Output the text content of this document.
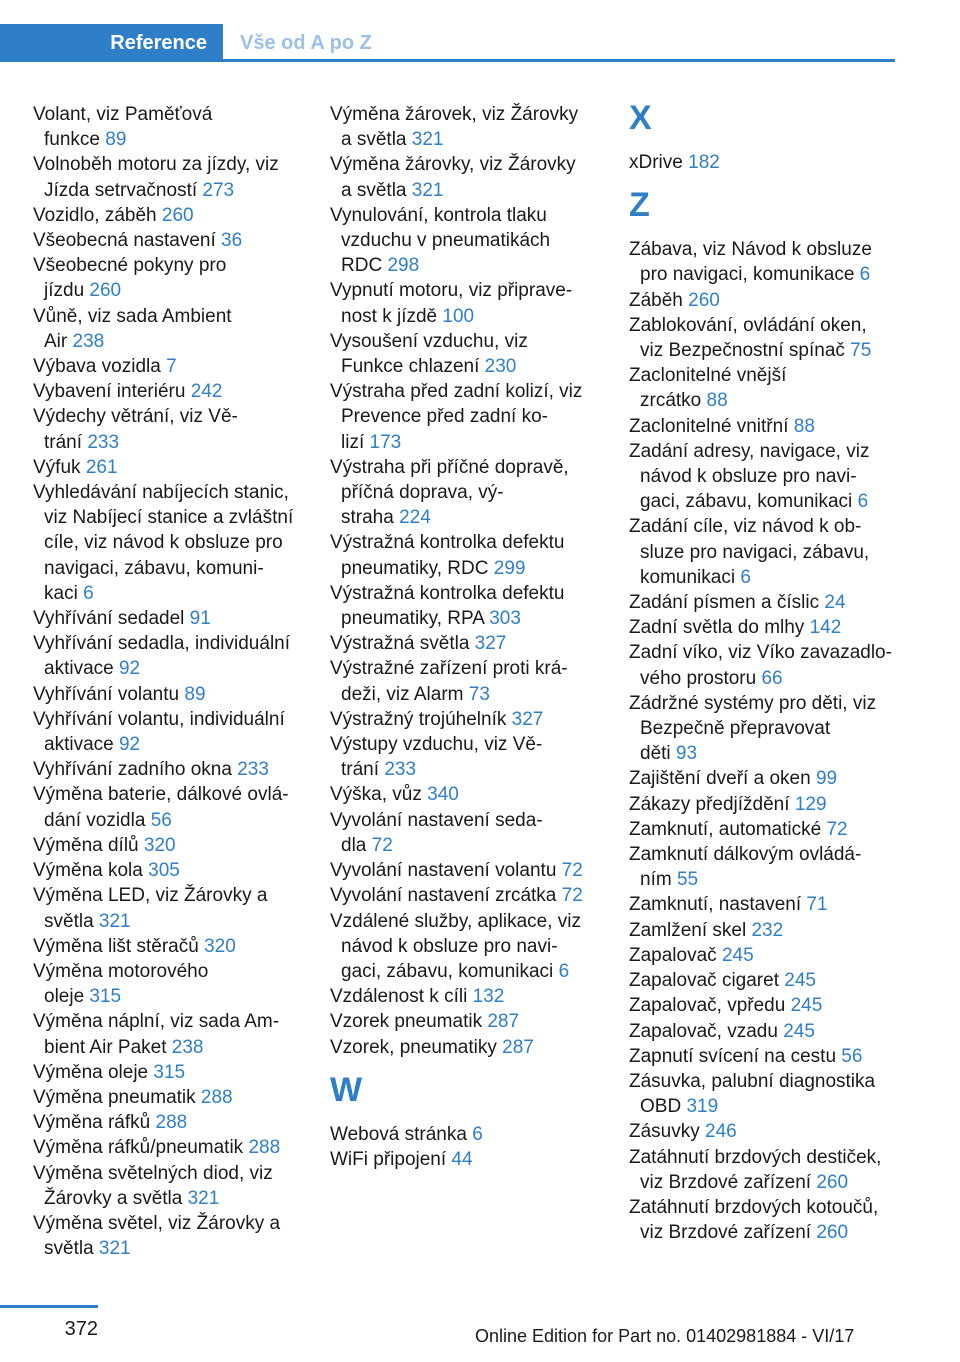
Reference	Vše od A po Z
Volant, viz Paměťová
funkce 89
Volnoběh motoru za jízdy, viz
Jízda setrvačností 273
Vozidlo, záběh 260
Všeobecná nastavení 36
Všeobecné pokyny pro
jízdu 260
Vůně, viz sada Ambient
Air 238
Výbava vozidla 7
Vybavení interiéru 242
Výdechy větrání, viz Vě-
trání 233
Výfuk 261
Vyhledávání nabíjecích stanic,
viz Nabíjecí stanice a zvláštní
cíle, viz návod k obsluze pro
navigaci, zábavu, komuni-
kaci 6
Vyhřívání sedadel 91
Vyhřívání sedadla, individuální
aktivace 92
Vyhřívání volantu 89
Vyhřívání volantu, individuální
aktivace 92
Vyhřívání zadního okna 233
Výměna baterie, dálkové ovlá-
dání vozidla 56
Výměna dílů 320
Výměna kola 305
Výměna LED, viz Žárovky a
světla 321
Výměna lišt stěračů 320
Výměna motorového
oleje 315
Výměna náplní, viz sada Am-
bient Air Paket 238
Výměna oleje 315
Výměna pneumatik 288
Výměna ráfků 288
Výměna ráfků/pneumatik 288
Výměna světelných diod, viz
Žárovky a světla 321
Výměna světel, viz Žárovky a
světla 321
Výměna žárovek, viz Žárovky
a světla 321
Výměna žárovky, viz Žárovky
a světla 321
Vynulování, kontrola tlaku
vzduchu v pneumatikách
RDC 298
Vypnutí motoru, viz připrave-
nost k jízdě 100
Vysoušení vzduchu, viz
Funkce chlazení 230
Výstraha před zadní kolizí, viz
Prevence před zadní ko-
lizí 173
Výstraha při příčné dopravě,
příčná doprava, vý-
straha 224
Výstražná kontrolka defektu
pneumatiky, RDC 299
Výstražná kontrolka defektu
pneumatiky, RPA 303
Výstražná světla 327
Výstražné zařízení proti krá-
deži, viz Alarm 73
Výstražný trojúhelník 327
Výstupy vzduchu, viz Vě-
trání 233
Výška, vůz 340
Vyvolání nastavení seda-
dla 72
Vyvolání nastavení volantu 72
Vyvolání nastavení zrcátka 72
Vzdálené služby, aplikace, viz
návod k obsluze pro navi-
gaci, zábavu, komunikaci 6
Vzdálenost k cíli 132
Vzorek pneumatik 287
Vzorek, pneumatiky 287
W
Webová stránka 6
WiFi připojení 44
X
xDrive 182
Z
Zábava, viz Návod k obsluze
pro navigaci, komunikace 6
Záběh 260
Zablokování, ovládání oken,
viz Bezpečnostní spínač 75
Zaclonitelné vnější
zrcátko 88
Zaclonitelné vnitřní 88
Zadání adresy, navigace, viz
návod k obsluze pro navi-
gaci, zábavu, komunikaci 6
Zadání cíle, viz návod k ob-
sluze pro navigaci, zábavu,
komunikaci 6
Zadání písmen a číslic 24
Zadní světla do mlhy 142
Zadní víko, viz Víko zavazadlo-
vého prostoru 66
Zádržné systémy pro děti, viz
Bezpečně přepravovat
děti 93
Zajištění dveří a oken 99
Zákazy předjíždění 129
Zamknutí, automatické 72
Zamknutí dálkovým ovládá-
ním 55
Zamknutí, nastavení 71
Zamlžení skel 232
Zapalovač 245
Zapalovač cigaret 245
Zapalovač, vpředu 245
Zapalovač, vzadu 245
Zapnutí svícení na cestu 56
Zásuvka, palubní diagnostika
OBD 319
Zásuvky 246
Zatáhnutí brzdových destiček,
viz Brzdové zařízení 260
Zatáhnutí brzdových kotoučů,
viz Brzdové zařízení 260
372	Online Edition for Part no. 01402981884 - VI/17
